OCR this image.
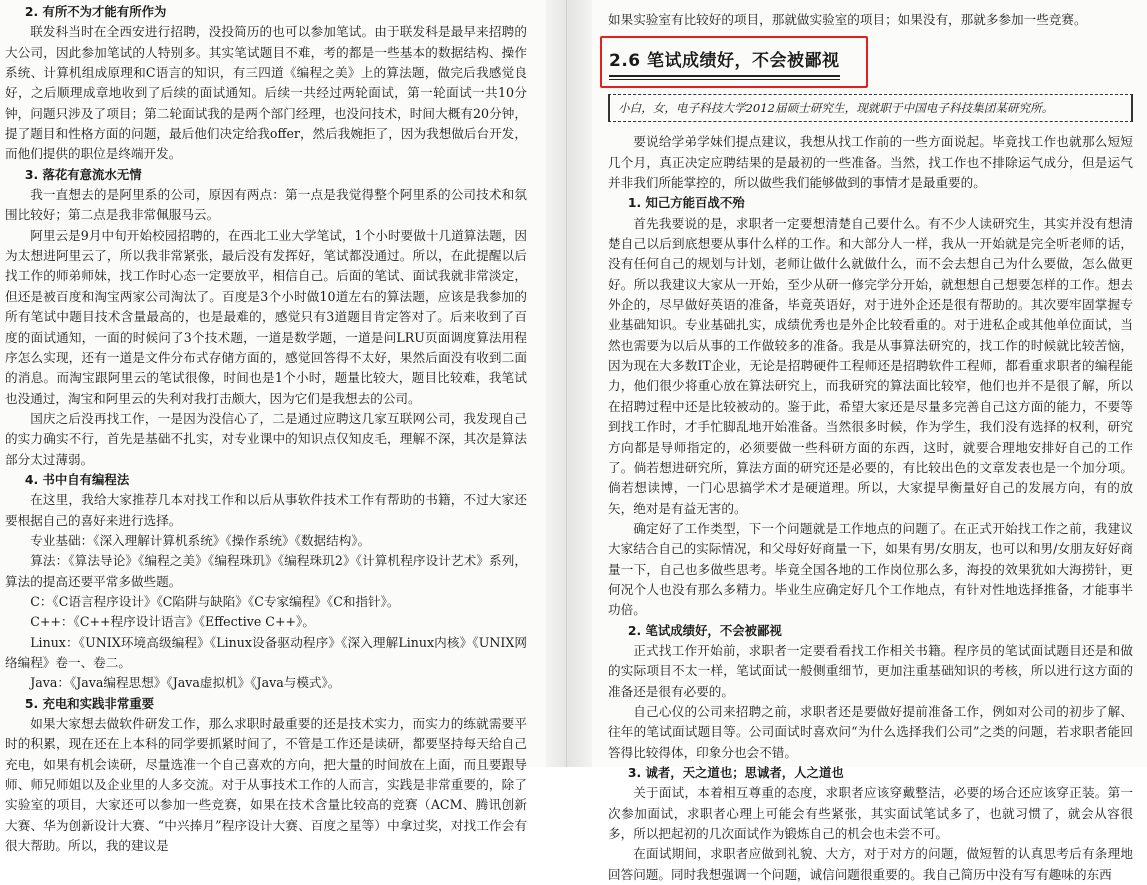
2. 有所不为才能有所作为

联发科当时在全西安进行招聘，没投简历的也可以参加笔试。由于联发科是最早来招聘的大公司，因此参加笔试的人特别多。其实笔试题目不难，考的都是一些基本的数据结构、操作系统、计算机组成原理和C语言的知识，有三四道《编程之美》上的算法题，做完后我感觉良好，之后顺理成章地收到了后续的面试通知。后续一共经过两轮面试，第一轮面试一共10分钟，问题只涉及了项目；第二轮面试我的是两个部门经理，也没问技术，时间大概有20分钟，提了题目和性格方面的问题，最后他们决定给我offer，然后我婉拒了，因为我想做后台开发，而他们提供的职位是终端开发。

3. 落花有意流水无情

我一直想去的是阿里系的公司，原因有两点：第一点是我觉得整个阿里系的公司技术和氛围比较好；第二点是我非常佩服马云。

阿里云是9月中旬开始校园招聘的，在西北工业大学笔试，1个小时要做十几道算法题，因为太想进阿里云了，所以我非常紧张，最后没有发挥好，笔试都没通过。所以，在此提醒以后找工作的师弟师妹，找工作时心态一定要放平，相信自己。后面的笔试、面试我就非常淡定，但还是被百度和淘宝两家公司淘汰了。百度是3个小时做10道左右的算法题，应该是我参加的所有笔试中题目技术含量最高的，也是最难的，感觉只有3道题目肯定答对了。后来收到了百度的面试通知，一面的时候问了3个技术题，一道是数学题，一道是问LRU页面调度算法用程序怎么实现，还有一道是文件分布式存储方面的，感觉回答得不太好，果然后面没有收到二面的消息。而淘宝跟阿里云的笔试很像，时间也是1个小时，题量比较大，题目比较难，我笔试也没通过，淘宝和阿里云的失利对我打击颇大，因为它们是我想去的公司。

国庆之后没再找工作，一是因为没信心了，二是通过应聘这几家互联网公司，我发现自己的实力确实不行，首先是基础不扎实，对专业课中的知识点仅知皮毛，理解不深，其次是算法部分太过薄弱。

4. 书中自有编程法

在这里，我给大家推荐几本对找工作和以后从事软件技术工作有帮助的书籍，不过大家还要根据自己的喜好来进行选择。

专业基础：《深入理解计算机系统》《操作系统》《数据结构》。

算法：《算法导论》《编程之美》《编程珠玑》《编程珠玑2》《计算机程序设计艺术》系列，算法的提高还要平常多做些题。

C：《C语言程序设计》《C陷阱与缺陷》《C专家编程》《C和指针》。

C++：《C++程序设计语言》《Effective C++》。

Linux：《UNIX环境高级编程》《Linux设备驱动程序》《深入理解Linux内核》《UNIX网络编程》卷一、卷二。

Java：《Java编程思想》《Java虚拟机》《Java与模式》。

5. 充电和实践非常重要

如果大家想去做软件研发工作，那么求职时最重要的还是技术实力，而实力的练就需要平时的积累，现在还在上本科的同学要抓紧时间了，不管是工作还是读研，都要坚持每天给自己充电，如果有机会读研，尽量选准一个自己喜欢的方向，把大量的时间放在上面，而且要跟导师、师兄师姐以及企业里的人多交流。对于从事技术工作的人而言，实践是非常重要的，除了实验室的项目，大家还可以参加一些竞赛，如果在技术含量比较高的竞赛（ACM、腾讯创新大赛、华为创新设计大赛、“中兴捧月”程序设计大赛、百度之星等）中拿过奖，对找工作会有很大帮助。所以，我的建议是

如果实验室有比较好的项目，那就做实验室的项目；如果没有，那就多参加一些竞赛。

2.6 笔试成绩好，不会被鄙视
小白，女，电子科技大学2012届硕士研究生，现就职于中国电子科技集团某研究所。

要说给学弟学妹们提点建议，我想从找工作前的一些方面说起。毕竟找工作也就那么短短几个月，真正决定应聘结果的是最初的一些准备。当然，找工作也不排除运气成分，但是运气并非我们所能掌控的，所以做些我们能够做到的事情才是最重要的。

1. 知己方能百战不殆

首先我要说的是，求职者一定要想清楚自己要什么。有不少人读研究生，其实并没有想清楚自己以后到底想要从事什么样的工作。和大部分人一样，我从一开始就是完全听老师的话，没有任何自己的规划与计划，老师让做什么就做什么，而不会去想自己为什么要做，怎么做更好。所以我建议大家从一开始，至少从研一修完学分开始，就想想自己想要怎样的工作。想去外企的，尽早做好英语的准备，毕竟英语好，对于进外企还是很有帮助的。其次要牢固掌握专业基础知识。专业基础扎实，成绩优秀也是外企比较看重的。对于进私企或其他单位面试，当然也需要为以后从事的工作做较多的准备。我是从事算法研究的，找工作的时候就比较苦恼，因为现在大多数IT企业，无论是招聘硬件工程师还是招聘软件工程师，都看重求职者的编程能力，他们很少将重心放在算法研究上，而我研究的算法面比较窄，他们也并不是很了解，所以在招聘过程中还是比较被动的。鉴于此，希望大家还是尽量多完善自己这方面的能力，不要等到找工作时，才手忙脚乱地开始准备。当然很多时候，作为学生，我们没有选择的权利，研究方向都是导师指定的，必须要做一些科研方面的东西，这时，就要合理地安排好自己的工作了。倘若想进研究所，算法方面的研究还是必要的，有比较出色的文章发表也是一个加分项。倘若想读博，一门心思搞学术才是硬道理。所以，大家提早衡量好自己的发展方向，有的放矢，绝对是有益无害的。

确定好了工作类型，下一个问题就是工作地点的问题了。在正式开始找工作之前，我建议大家结合自己的实际情况，和父母好好商量一下，如果有男/女朋友，也可以和男/女朋友好好商量一下，自己也多做些思考。毕竟全国各地的工作岗位那么多，海投的效果犹如大海捞针，更何况个人也没有那么多精力。毕业生应确定好几个工作地点，有针对性地选择推备，才能事半功倍。

2. 笔试成绩好，不会被鄙视

正式找工作开始前，求职者一定要看看找工作相关书籍。程序员的笔试面试题目还是和做的实际项目不太一样，笔试面试一般侧重细节，更加注重基础知识的考核，所以进行这方面的准备还是很有必要的。

自己心仪的公司来招聘之前，求职者还是要做好提前准备工作，例如对公司的初步了解、往年的笔试面试题目等。公司面试时喜欢问“为什么选择我们公司”之类的问题，若求职者能回答得比较得体，印象分也会不错。

3. 诚者，天之道也；思诚者，人之道也

关于面试，本着相互尊重的态度，求职者应该穿戴整洁，必要的场合还应该穿正装。第一次参加面试，求职者心理上可能会有些紧张，其实面试笔试多了，也就习惯了，就会从容很多，所以把起初的几次面试作为锻炼自己的机会也未尝不可。

在面试期间，求职者应做到礼貌、大方，对于对方的问题，做短暂的认真思考后有条理地回答问题。同时我想强调一个问题，诚信问题很重要的。我自己简历中没有写有趣味的东西
